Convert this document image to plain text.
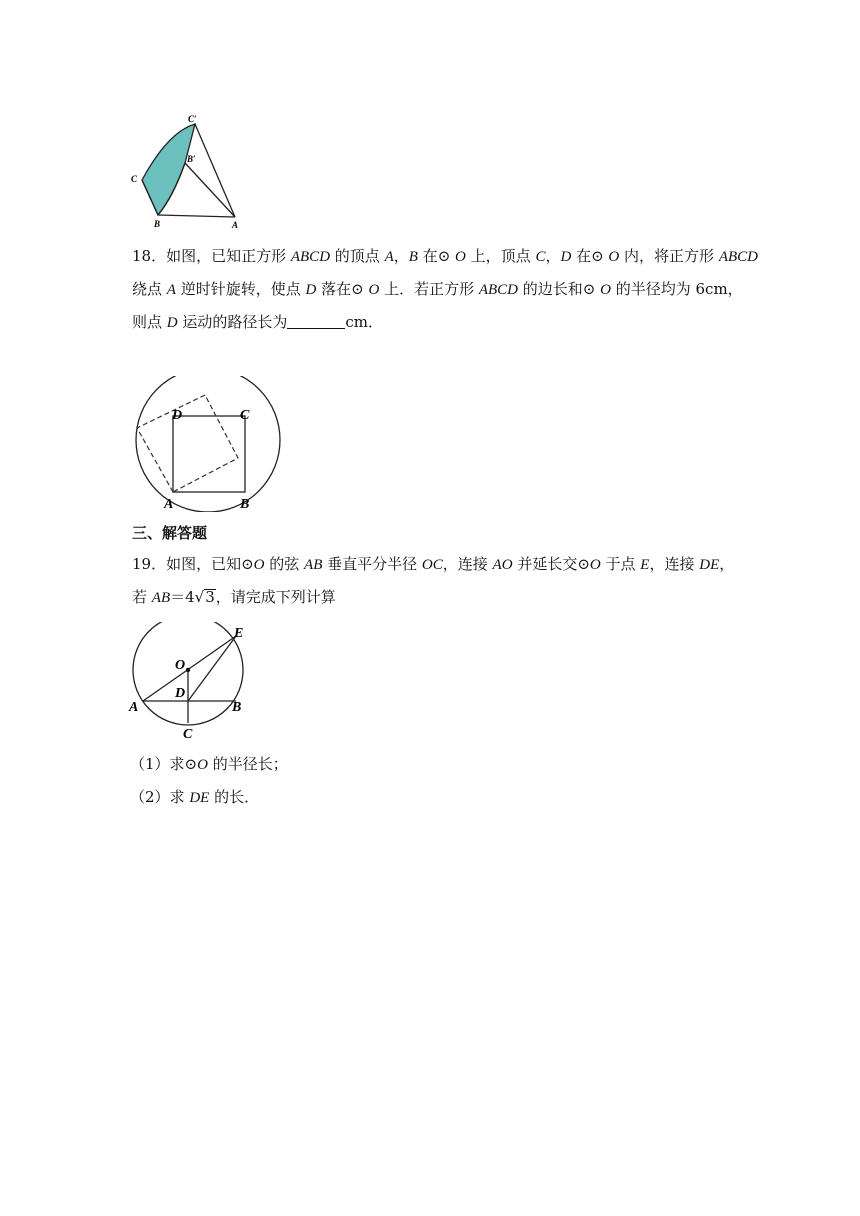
C′
B′
C
B	A
18．如图，已知正方形 ABCD 的顶点 A，B 在⊙ O 上，顶点 C，D 在⊙ O 内，将正方形 ABCD
绕点 A 逆时针旋转，使点 D 落在⊙ O 上．若正方形 ABCD 的边长和⊙ O 的半径均为 6cm，
则点 D 运动的路径长为	cm．
D	C
A	B
三、解答题
19．如图，已知⊙O 的弦 AB 垂直平分半径 OC，连接 AO 并延长交⊙O 于点 E，连接 DE，
若 AB＝4√3，请完成下列计算
O
D
A	B
C
E
（1）求⊙O 的半径长；
（2）求 DE 的长．
